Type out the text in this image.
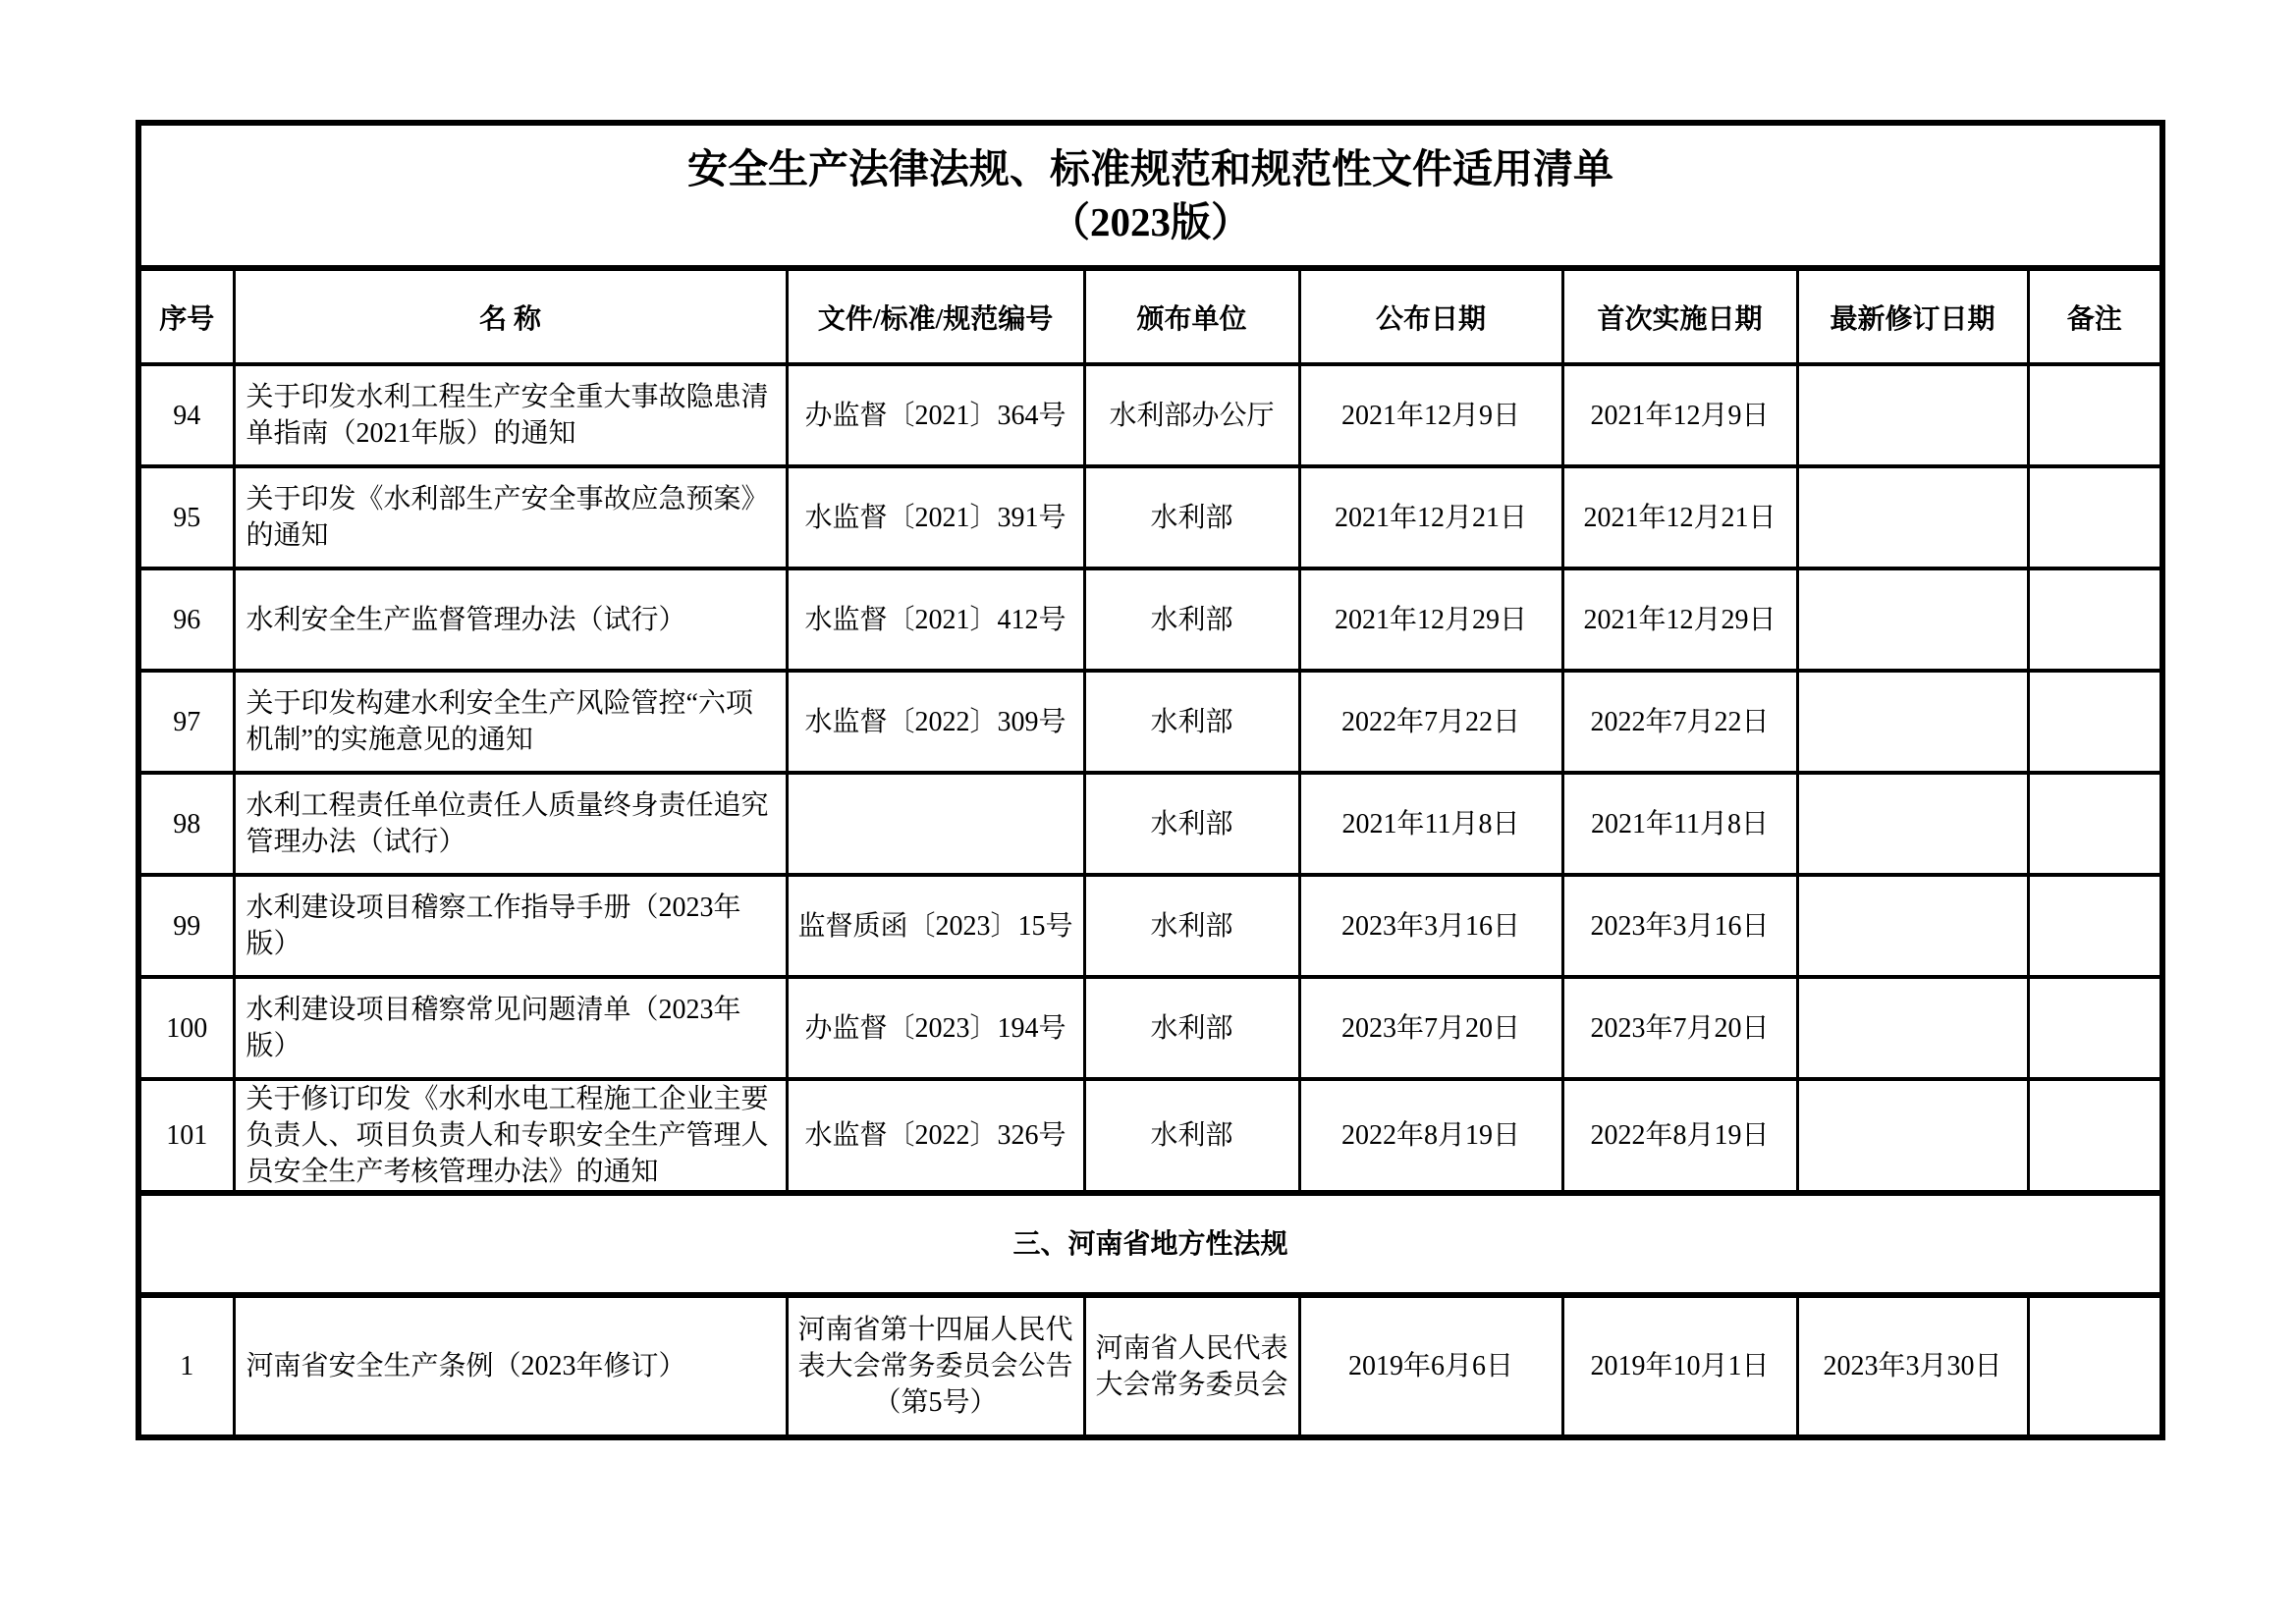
安全生产法律法规、标准规范和规范性文件适用清单
（2023版）							

序号	名 称	文件/标准/规范编号	颁布单位	公布日期	首次实施日期	最新修订日期	备注
94	关于印发水利工程生产安全重大事故隐患清单指南（2021年版）的通知	办监督〔2021〕364号	水利部办公厅	2021年12月9日	2021年12月9日		
95	关于印发《水利部生产安全事故应急预案》的通知	水监督〔2021〕391号	水利部	2021年12月21日	2021年12月21日		
96	水利安全生产监督管理办法（试行）	水监督〔2021〕412号	水利部	2021年12月29日	2021年12月29日		
97	关于印发构建水利安全生产风险管控“六项机制”的实施意见的通知	水监督〔2022〕309号	水利部	2022年7月22日	2022年7月22日		
98	水利工程责任单位责任人质量终身责任追究管理办法（试行）		水利部	2021年11月8日	2021年11月8日		
99	水利建设项目稽察工作指导手册（2023年版）	监督质函〔2023〕15号	水利部	2023年3月16日	2023年3月16日		
100	水利建设项目稽察常见问题清单（2023年版）	办监督〔2023〕194号	水利部	2023年7月20日	2023年7月20日		
101	关于修订印发《水利水电工程施工企业主要负责人、项目负责人和专职安全生产管理人员安全生产考核管理办法》的通知	水监督〔2022〕326号	水利部	2022年8月19日	2022年8月19日		
三、河南省地方性法规							
1	河南省安全生产条例（2023年修订）	河南省第十四届人民代表大会常务委员会公告（第5号）	河南省人民代表大会常务委员会	2019年6月6日	2019年10月1日	2023年3月30日	
